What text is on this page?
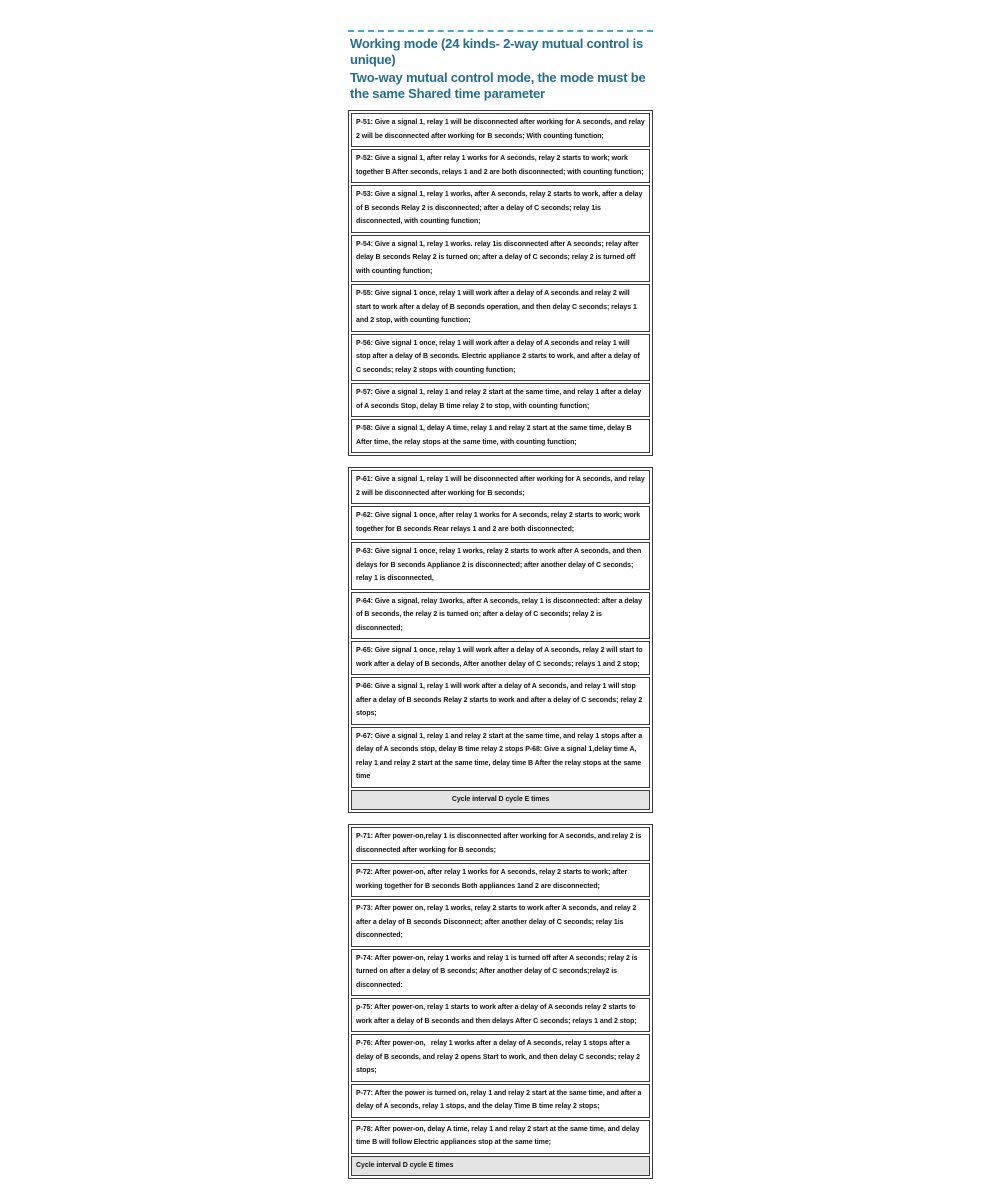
Working mode (24 kinds- 2-way mutual control is unique)

Two-way mutual control mode, the mode must be the same Shared time parameter

P-51: Give a signal 1, relay 1 will be disconnected after working for A seconds, and relay 2 will be disconnected after working for B seconds; With counting function;
P-52: Give a signal 1, after relay 1 works for A seconds, relay 2 starts to work; work together B After seconds, relays 1 and 2 are both disconnected; with counting function;
P-53: Give a signal 1, relay 1 works, after A seconds, relay 2 starts to work, after a delay of B seconds Relay 2 is disconnected; after a delay of C seconds; relay 1is disconnected, with counting function;
P-54: Give a signal 1, relay 1 works. relay 1is disconnected after A seconds; relay after delay B seconds Relay 2 is turned on; after a delay of C seconds; relay 2 is turned off with counting function;
P-55: Give signal 1 once, relay 1 will work after a delay of A seconds and relay 2 will start to work after a delay of B seconds operation, and then delay C seconds; relays 1 and 2 stop, with counting function;
P-56: Give signal 1 once, relay 1 will work after a delay of A seconds and relay 1 will stop after a delay of B seconds. Electric appliance 2 starts to work, and after a delay of C seconds; relay 2 stops with counting function;
P-57: Give a signal 1, relay 1 and relay 2 start at the same time, and relay 1 after a delay of A seconds Stop, delay B time relay 2 to stop, with counting function;
P-58: Give a signal 1, delay A time, relay 1 and relay 2 start at the same time, delay B After time, the relay stops at the same time, with counting function;
P-61: Give a signal 1, relay 1 will be disconnected after working for A seconds, and relay 2 will be disconnected after working for B seconds;
P-62: Give signal 1 once, after relay 1 works for A seconds, relay 2 starts to work; work together for B seconds Rear relays 1 and 2 are both disconnected;
P-63: Give signal 1 once, relay 1 works, relay 2 starts to work after A seconds, and then delays for B seconds Appliance 2 is disconnected; after another delay of C seconds; relay 1 is disconnected,
P-64: Give a signal, relay 1works, after A seconds, relay 1 is disconnected: after a delay of B seconds, the relay 2 is turned on; after a delay of C seconds; relay 2 is disconnected;
P-65: Give signal 1 once, relay 1 will work after a delay of A seconds, relay 2 will start to work after a delay of B seconds, After another delay of C seconds; relays 1 and 2 stop;
P-66: Give a signal 1, relay 1 will work after a delay of A seconds, and relay 1 will stop after a delay of B seconds Relay 2 starts to work and after a delay of C seconds; relay 2 stops;
P-67: Give a signal 1, relay 1 and relay 2 start at the same time, and relay 1 stops after a delay of A seconds stop, delay B time relay 2 stops P-68: Give a signal 1,delay time A, relay 1 and relay 2 start at the same time, delay time B After the relay stops at the same time
Cycle interval D cycle E times
P-71: After power-on,relay 1 is disconnected after working for A seconds, and relay 2 is disconnected after working for B seconds;
P-72: After power-on, after relay 1 works for A seconds, relay 2 starts to work; after working together for B seconds Both appliances 1and 2 are disconnected;
P-73: After power on, relay 1 works, relay 2 starts to work after A seconds, and relay 2 after a delay of B seconds Disconnect; after another delay of C seconds; relay 1is disconnected;
P-74: After power-on, relay 1 works and relay 1 is turned off after A seconds; relay 2 is turned on after a delay of B seconds; After another delay of C seconds;relay2 is disconnected:
p-75: After power-on, relay 1 starts to work after a delay of A seconds relay 2 starts to work after a delay of B seconds and then delays After C seconds; relays 1 and 2 stop;
P-76: After power-on,  relay 1 works after a delay of A seconds, relay 1 stops after a delay of B seconds, and relay 2 opens Start to work, and then delay C seconds; relay 2 stops;
P-77: After the power is turned on, relay 1 and relay 2 start at the same time, and after a delay of A seconds, relay 1 stops, and the delay Time B time relay 2 stops;
P-78: After power-on, delay A time, relay 1 and relay 2 start at the same time, and delay time B will follow Electric appliances stop at the same time;
Cycle interval D cycle E times
